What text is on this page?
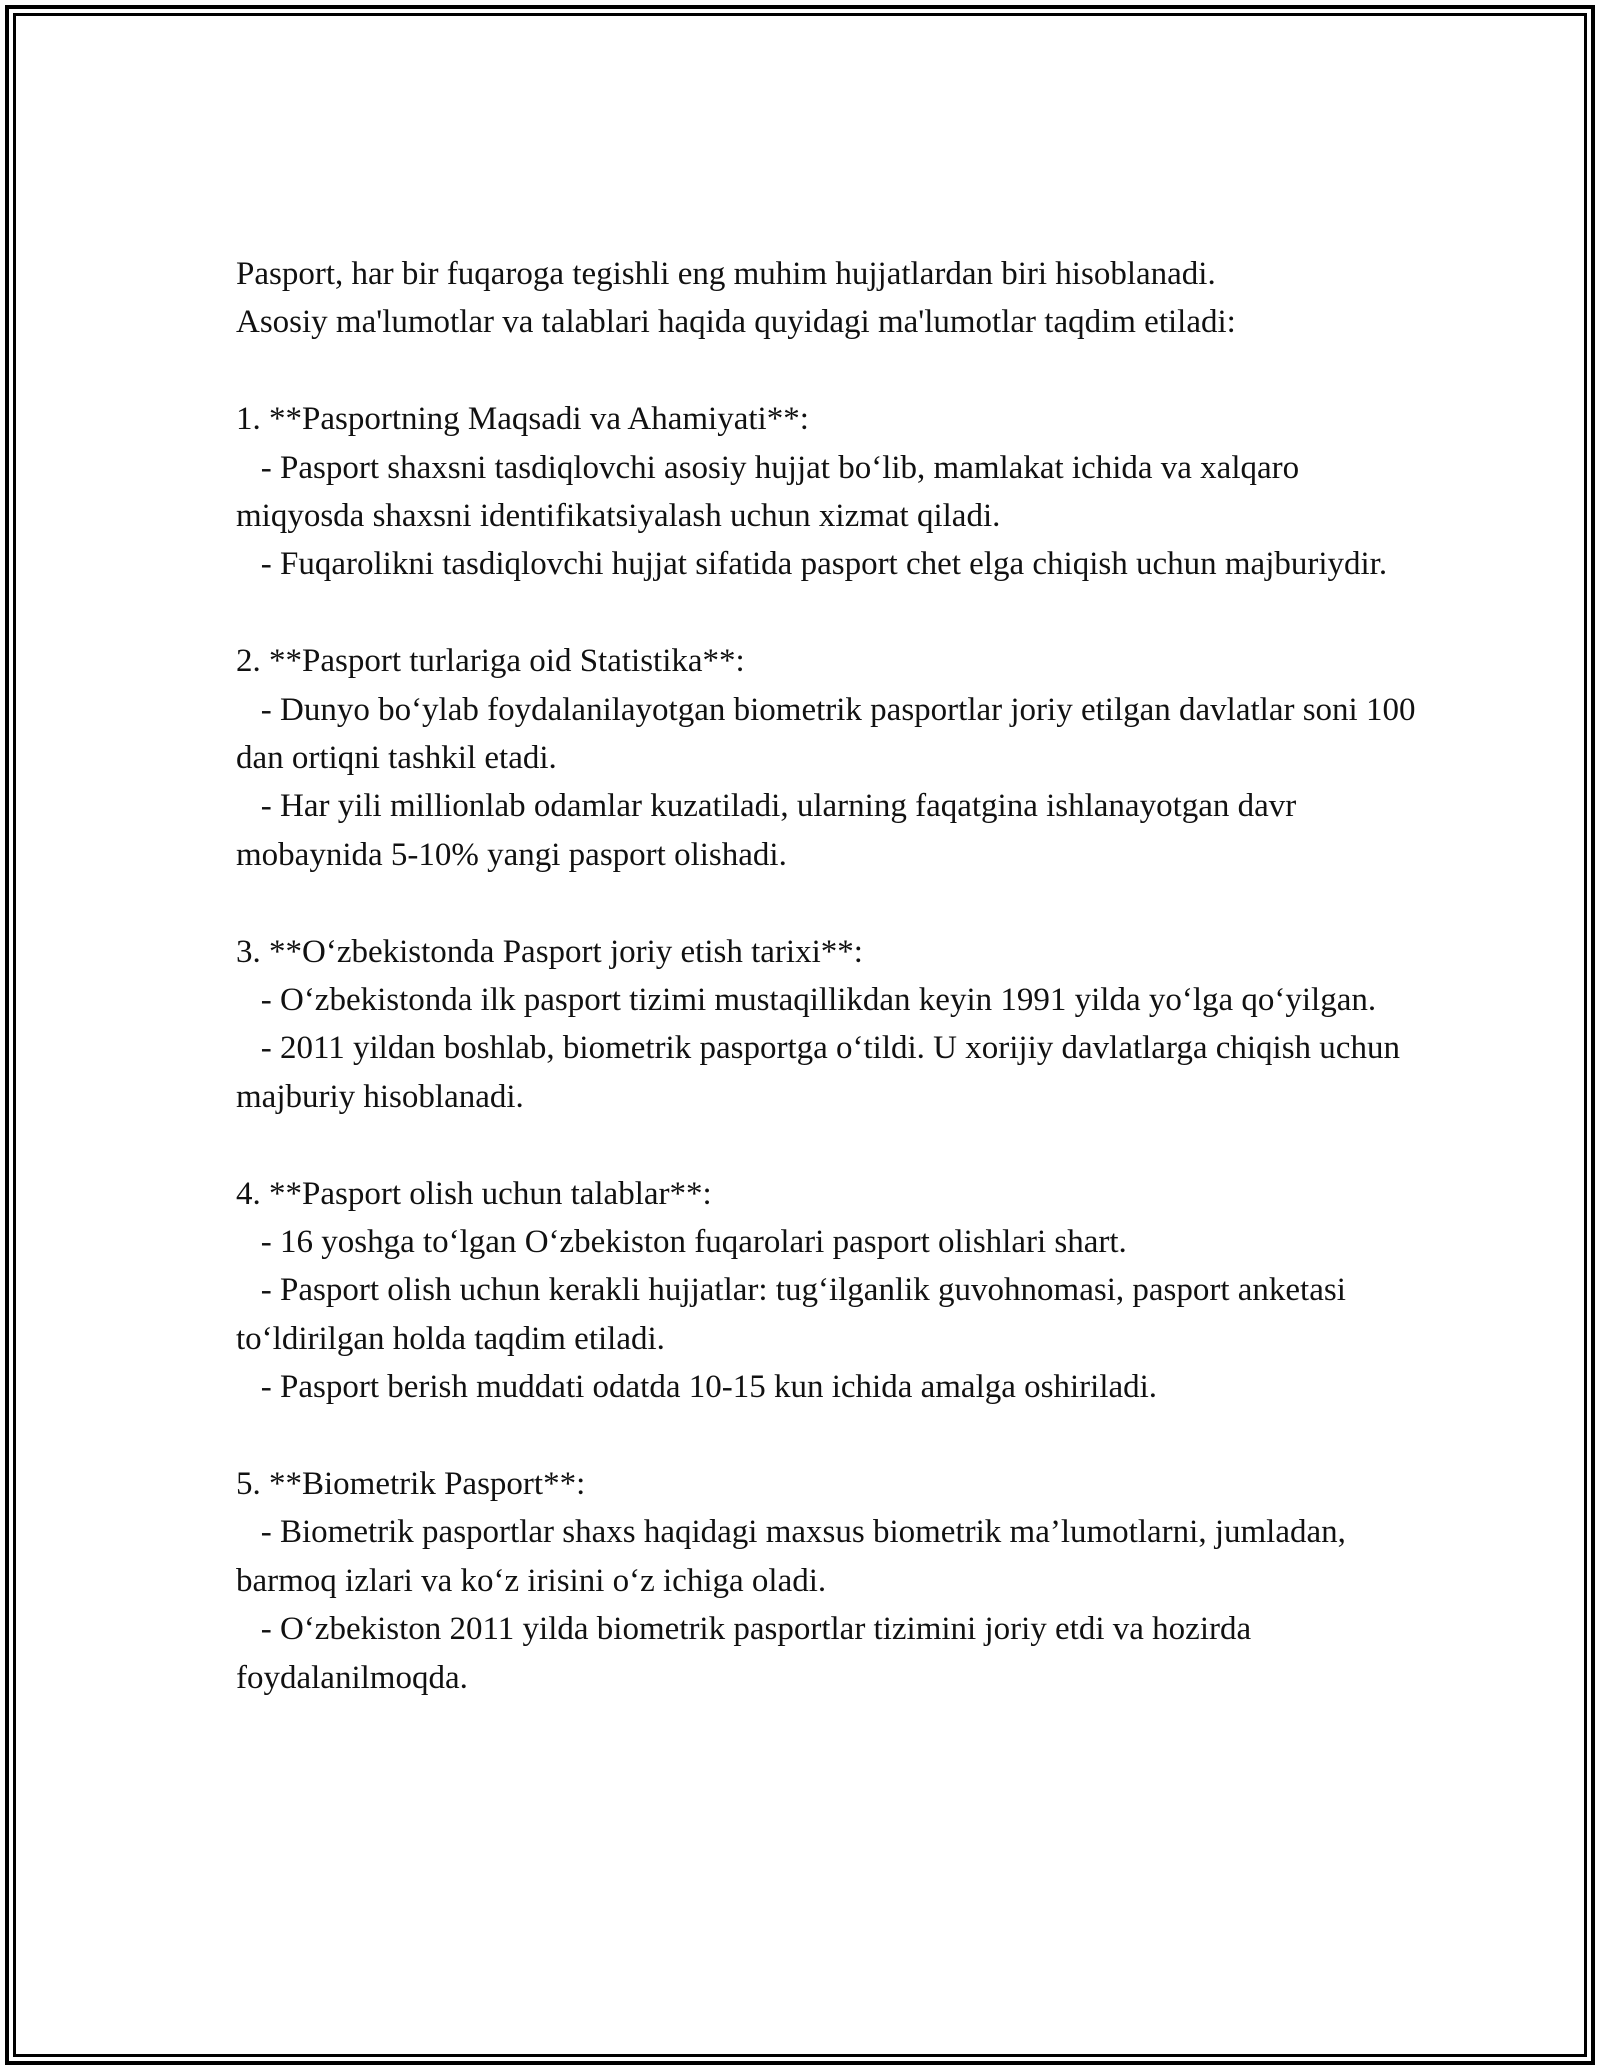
Pasport, har bir fuqaroga tegishli eng muhim hujjatlardan biri hisoblanadi.

Asosiy ma'lumotlar va talablari haqida quyidagi ma'lumotlar taqdim etiladi:

1. **Pasportning Maqsadi va Ahamiyati**:

- Pasport shaxsni tasdiqlovchi asosiy hujjat bo‘lib, mamlakat ichida va xalqaro miqyosda shaxsni identifikatsiyalash uchun xizmat qiladi.

- Fuqarolikni tasdiqlovchi hujjat sifatida pasport chet elga chiqish uchun majburiydir.

2. **Pasport turlariga oid Statistika**:

- Dunyo bo‘ylab foydalanilayotgan biometrik pasportlar joriy etilgan davlatlar soni 100 dan ortiqni tashkil etadi.

- Har yili millionlab odamlar kuzatiladi, ularning faqatgina ishlanayotgan davr mobaynida 5-10% yangi pasport olishadi.

3. **O‘zbekistonda Pasport joriy etish tarixi**:

- O‘zbekistonda ilk pasport tizimi mustaqillikdan keyin 1991 yilda yo‘lga qo‘yilgan.

- 2011 yildan boshlab, biometrik pasportga o‘tildi. U xorijiy davlatlarga chiqish uchun majburiy hisoblanadi.

4. **Pasport olish uchun talablar**:

- 16 yoshga to‘lgan O‘zbekiston fuqarolari pasport olishlari shart.

- Pasport olish uchun kerakli hujjatlar: tug‘ilganlik guvohnomasi, pasport anketasi to‘ldirilgan holda taqdim etiladi.

- Pasport berish muddati odatda 10-15 kun ichida amalga oshiriladi.

5. **Biometrik Pasport**:

- Biometrik pasportlar shaxs haqidagi maxsus biometrik ma’lumotlarni, jumladan, barmoq izlari va ko‘z irisini o‘z ichiga oladi.

- O‘zbekiston 2011 yilda biometrik pasportlar tizimini joriy etdi va hozirda foydalanilmoqda.
